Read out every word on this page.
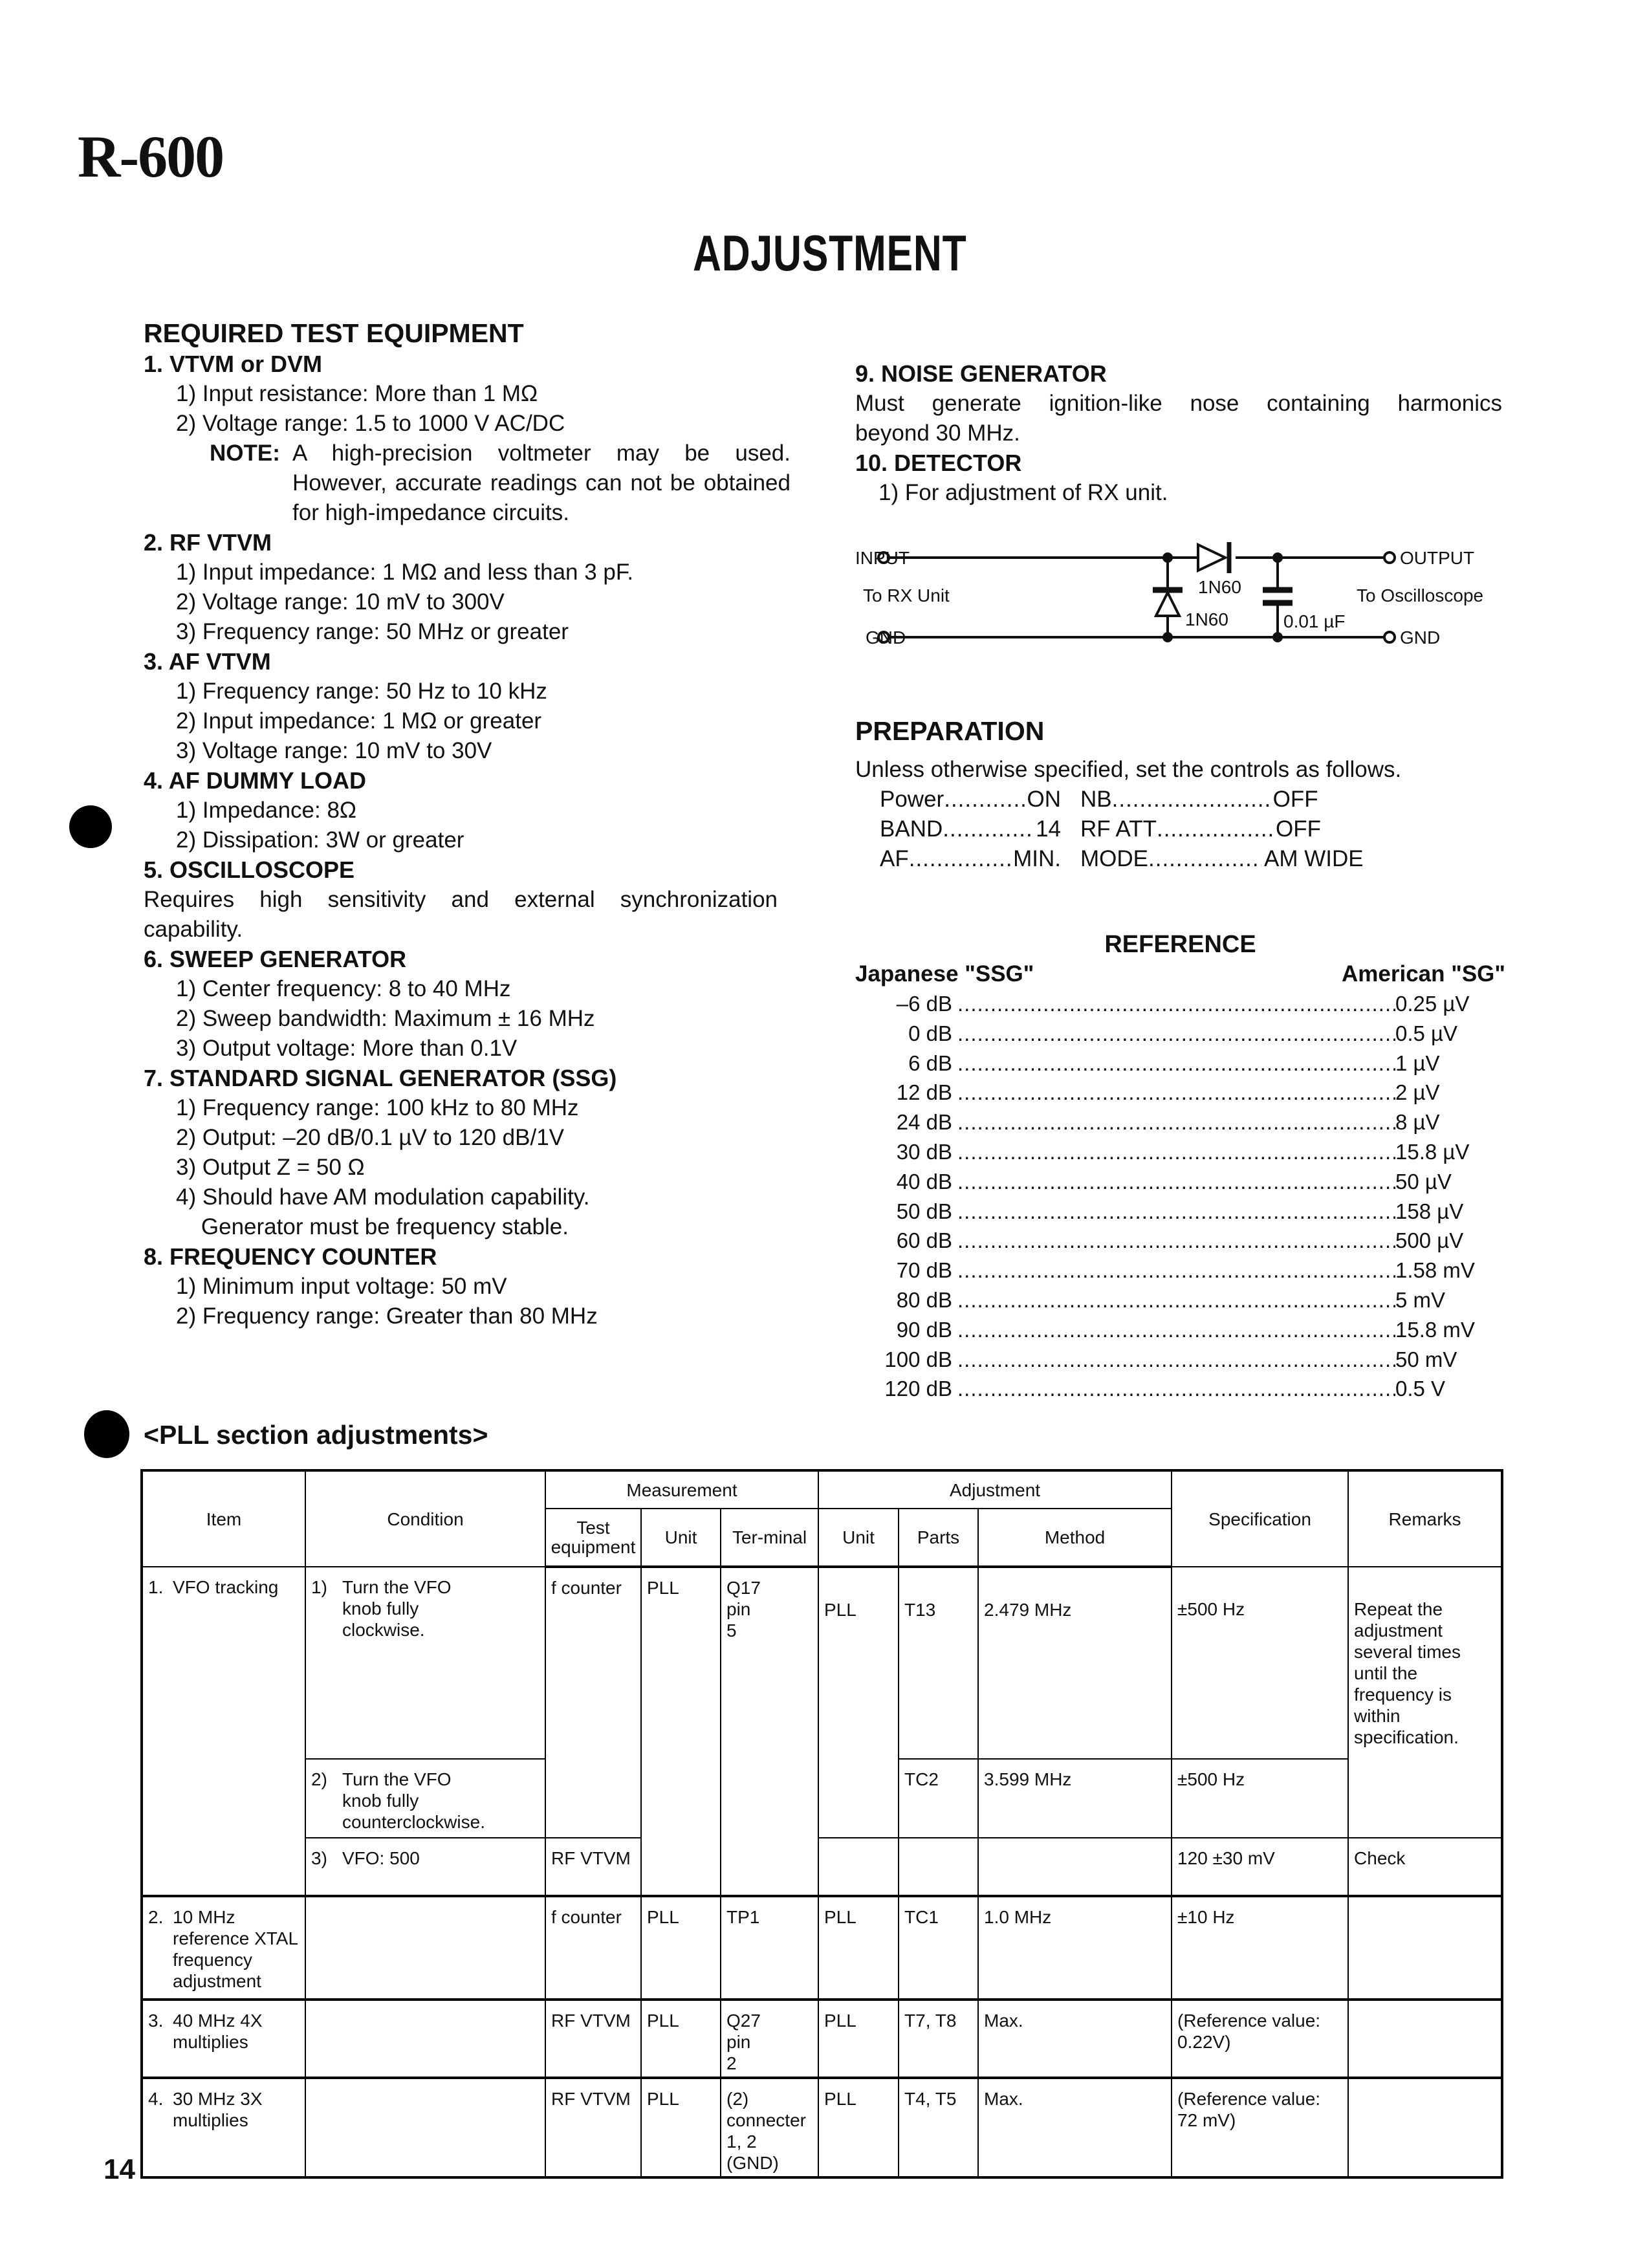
R-600
ADJUSTMENT
REQUIRED TEST EQUIPMENT
1. VTVM or DVM
1) Input resistance: More than 1 MΩ
2) Voltage range: 1.5 to 1000 V AC/DC
NOTE: A high-precision voltmeter may be used. However, accurate readings can not be obtained for high-impedance circuits.
2. RF VTVM
1) Input impedance: 1 MΩ and less than 3 pF.
2) Voltage range: 10 mV to 300V
3) Frequency range: 50 MHz or greater
3. AF VTVM
1) Frequency range: 50 Hz to 10 kHz
2) Input impedance: 1 MΩ or greater
3) Voltage range: 10 mV to 30V
4. AF DUMMY LOAD
1) Impedance: 8Ω
2) Dissipation: 3W or greater
5. OSCILLOSCOPE
Requires high sensitivity and external synchronization capability.
6. SWEEP GENERATOR
1) Center frequency: 8 to 40 MHz
2) Sweep bandwidth: Maximum ± 16 MHz
3) Output voltage: More than 0.1V
7. STANDARD SIGNAL GENERATOR (SSG)
1) Frequency range: 100 kHz to 80 MHz
2) Output: –20 dB/0.1 µV to 120 dB/1V
3) Output Z = 50 Ω
4) Should have AM modulation capability.
Generator must be frequency stable.
8. FREQUENCY COUNTER
1) Minimum input voltage: 50 mV
2) Frequency range: Greater than 80 MHz
9. NOISE GENERATOR
Must generate ignition-like nose containing harmonics
beyond 30 MHz.
10. DETECTOR
1) For adjustment of RX unit.
INPUT
To RX Unit
GND
1N60
1N60	0.01 µF
OUTPUT
To Oscilloscope
GND
PREPARATION
Unless otherwise specified, set the controls as follows.
Power .....	ON NB .....	OFF
BAND .....	14 RF ATT .....	OFF
AF .....	MIN. MODE .....	AM WIDE
REFERENCE
Japanese "SSG"	American "SG"
–6 dB .....	0.25 µV
0 dB .....	0.5 µV
6 dB .....	1 µV
12 dB .....	2 µV
24 dB .....	8 µV
30 dB .....	15.8 µV
40 dB .....	50 µV
50 dB .....	158 µV
60 dB .....	500 µV
70 dB .....	1.58 mV
80 dB .....	5 mV
90 dB .....	15.8 mV
100 dB .....	50 mV
120 dB .....	0.5 V
<PLL section adjustments>
Item	Condition	Measurement			Adjustment			Specification	Remarks
		Test equipment	Unit	Ter-minal	Unit	Parts	Method		

1. VFO tracking	1) Turn the VFO knob fully clockwise.	f counter	PLL	Q17 pin 5	PLL	T13	2.479 MHz	±500 Hz	Repeat the adjustment several times until the frequency is within specification.

	2) Turn the VFO knob fully counterclockwise.					TC2	3.599 MHz	±500 Hz	

	3) VFO: 500	RF VTVM						120 ±30 mV	Check

2. 10 MHz reference XTAL frequency adjustment		f counter	PLL	TP1	PLL	TC1	1.0 MHz	±10 Hz	

3. 40 MHz 4X multiplies		RF VTVM	PLL	Q27 pin 2	PLL	T7, T8	Max.	(Reference value: 0.22V)	

4. 30 MHz 3X multiplies		RF VTVM	PLL	(2) connecter 1, 2 (GND)	PLL	T4, T5	Max.	(Reference value: 72 mV)	
14
